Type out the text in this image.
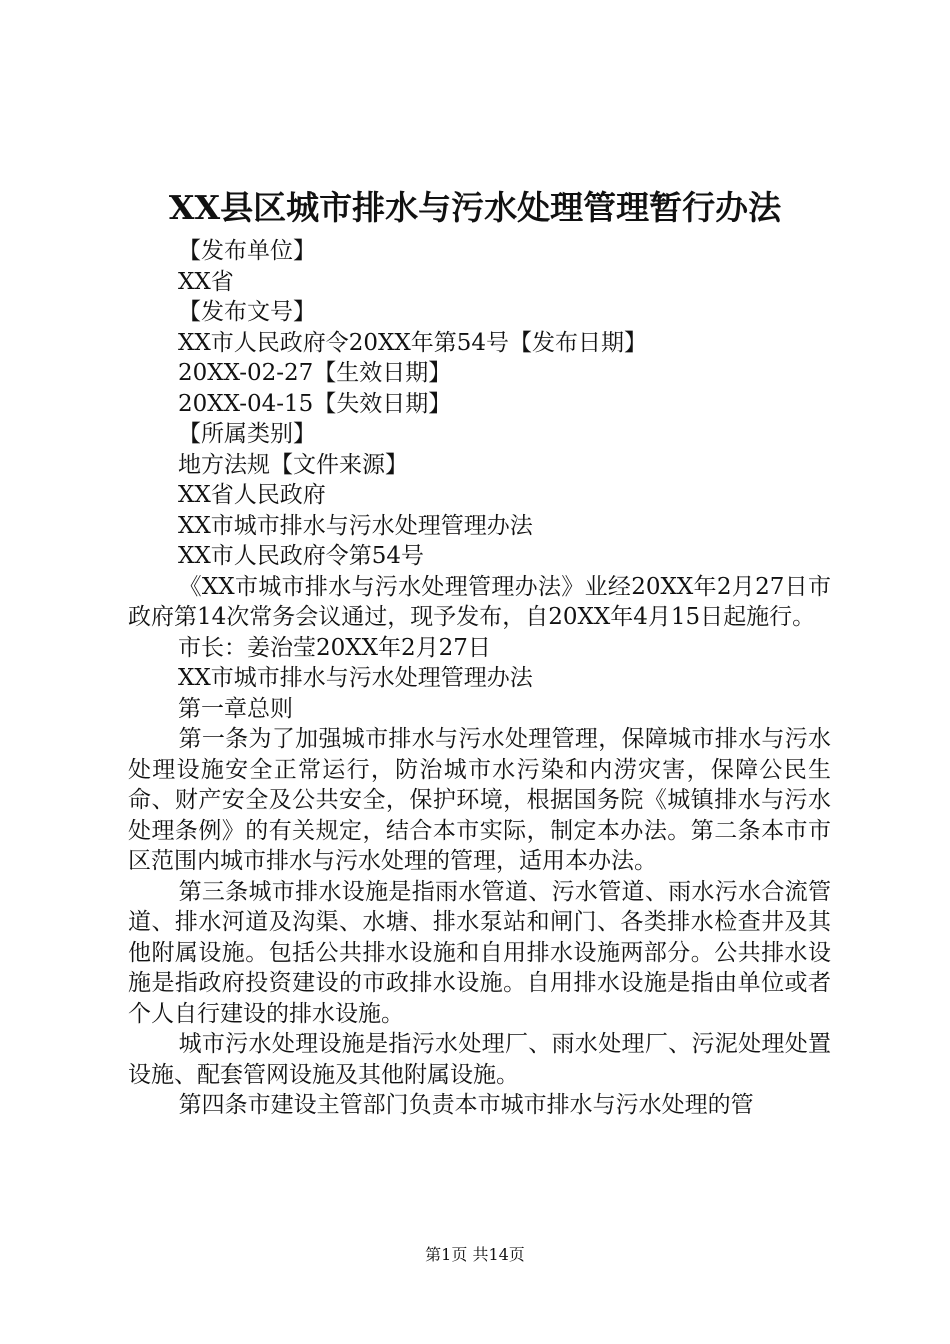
XX县区城市排水与污水处理管理暂行办法

【发布单位】

XX省

【发布文号】

XX市人民政府令20XX年第54号【发布日期】

20XX-02-27【生效日期】

20XX-04-15【失效日期】

【所属类别】

地方法规【文件来源】

XX省人民政府

XX市城市排水与污水处理管理办法

XX市人民政府令第54号

《XX市城市排水与污水处理管理办法》业经20XX年2月27日市政府第14次常务会议通过，现予发布，自20XX年4月15日起施行。

市长：姜治莹20XX年2月27日

XX市城市排水与污水处理管理办法

第一章总则

第一条为了加强城市排水与污水处理管理，保障城市排水与污水处理设施安全正常运行，防治城市水污染和内涝灾害，保障公民生命、财产安全及公共安全，保护环境，根据国务院《城镇排水与污水处理条例》的有关规定，结合本市实际，制定本办法。第二条本市市区范围内城市排水与污水处理的管理，适用本办法。

第三条城市排水设施是指雨水管道、污水管道、雨水污水合流管道、排水河道及沟渠、水塘、排水泵站和闸门、各类排水检查井及其他附属设施。包括公共排水设施和自用排水设施两部分。公共排水设施是指政府投资建设的市政排水设施。自用排水设施是指由单位或者个人自行建设的排水设施。

城市污水处理设施是指污水处理厂、雨水处理厂、污泥处理处置设施、配套管网设施及其他附属设施。

第四条市建设主管部门负责本市城市排水与污水处理的管

第1页 共14页
